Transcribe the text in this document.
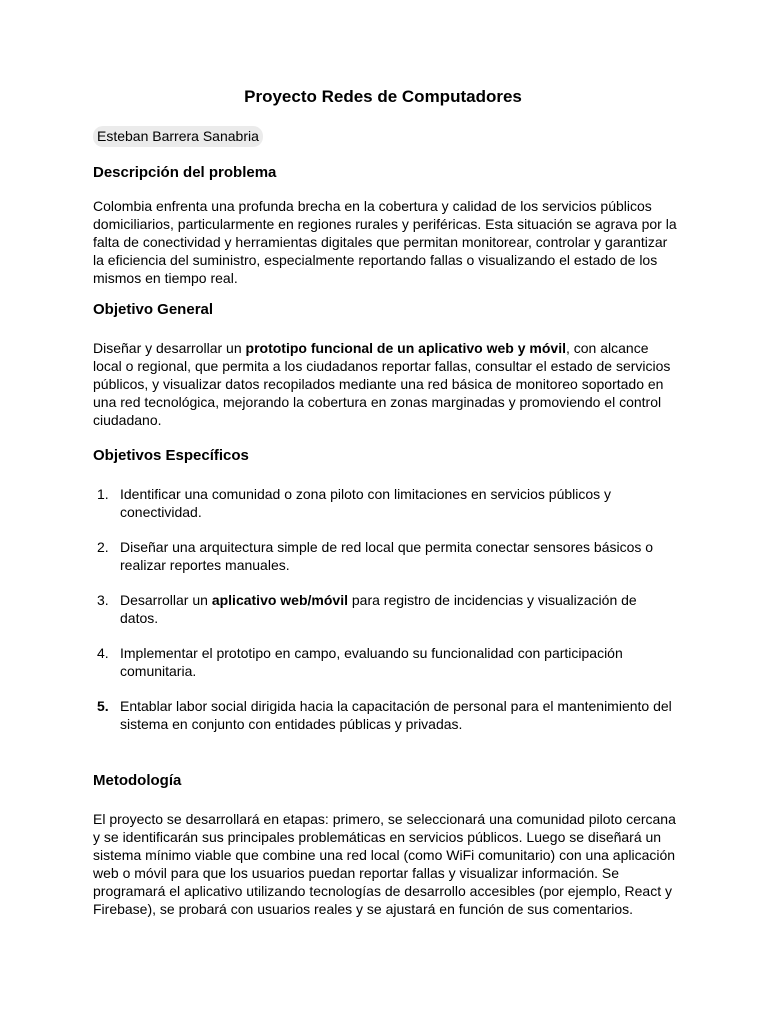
Proyecto Redes de Computadores
Esteban Barrera Sanabria
Descripción del problema

Colombia enfrenta una profunda brecha en la cobertura y calidad de los servicios públicos domiciliarios, particularmente en regiones rurales y periféricas. Esta situación se agrava por la falta de conectividad y herramientas digitales que permitan monitorear, controlar y garantizar la eficiencia del suministro, especialmente reportando fallas o visualizando el estado de los mismos en tiempo real.

Objetivo General

Diseñar y desarrollar un prototipo funcional de un aplicativo web y móvil, con alcance local o regional, que permita a los ciudadanos reportar fallas, consultar el estado de servicios públicos, y visualizar datos recopilados mediante una red básica de monitoreo soportado en una red tecnológica, mejorando la cobertura en zonas marginadas y promoviendo el control ciudadano.

Objetivos Específicos
1. Identificar una comunidad o zona piloto con limitaciones en servicios públicos y conectividad.
2. Diseñar una arquitectura simple de red local que permita conectar sensores básicos o realizar reportes manuales.
3. Desarrollar un aplicativo web/móvil para registro de incidencias y visualización de datos.
4. Implementar el prototipo en campo, evaluando su funcionalidad con participación comunitaria.
5. Entablar labor social dirigida hacia la capacitación de personal para el mantenimiento del sistema en conjunto con entidades públicas y privadas.
Metodología

El proyecto se desarrollará en etapas: primero, se seleccionará una comunidad piloto cercana y se identificarán sus principales problemáticas en servicios públicos. Luego se diseñará un sistema mínimo viable que combine una red local (como WiFi comunitario) con una aplicación web o móvil para que los usuarios puedan reportar fallas y visualizar información. Se programará el aplicativo utilizando tecnologías de desarrollo accesibles (por ejemplo, React y Firebase), se probará con usuarios reales y se ajustará en función de sus comentarios.
